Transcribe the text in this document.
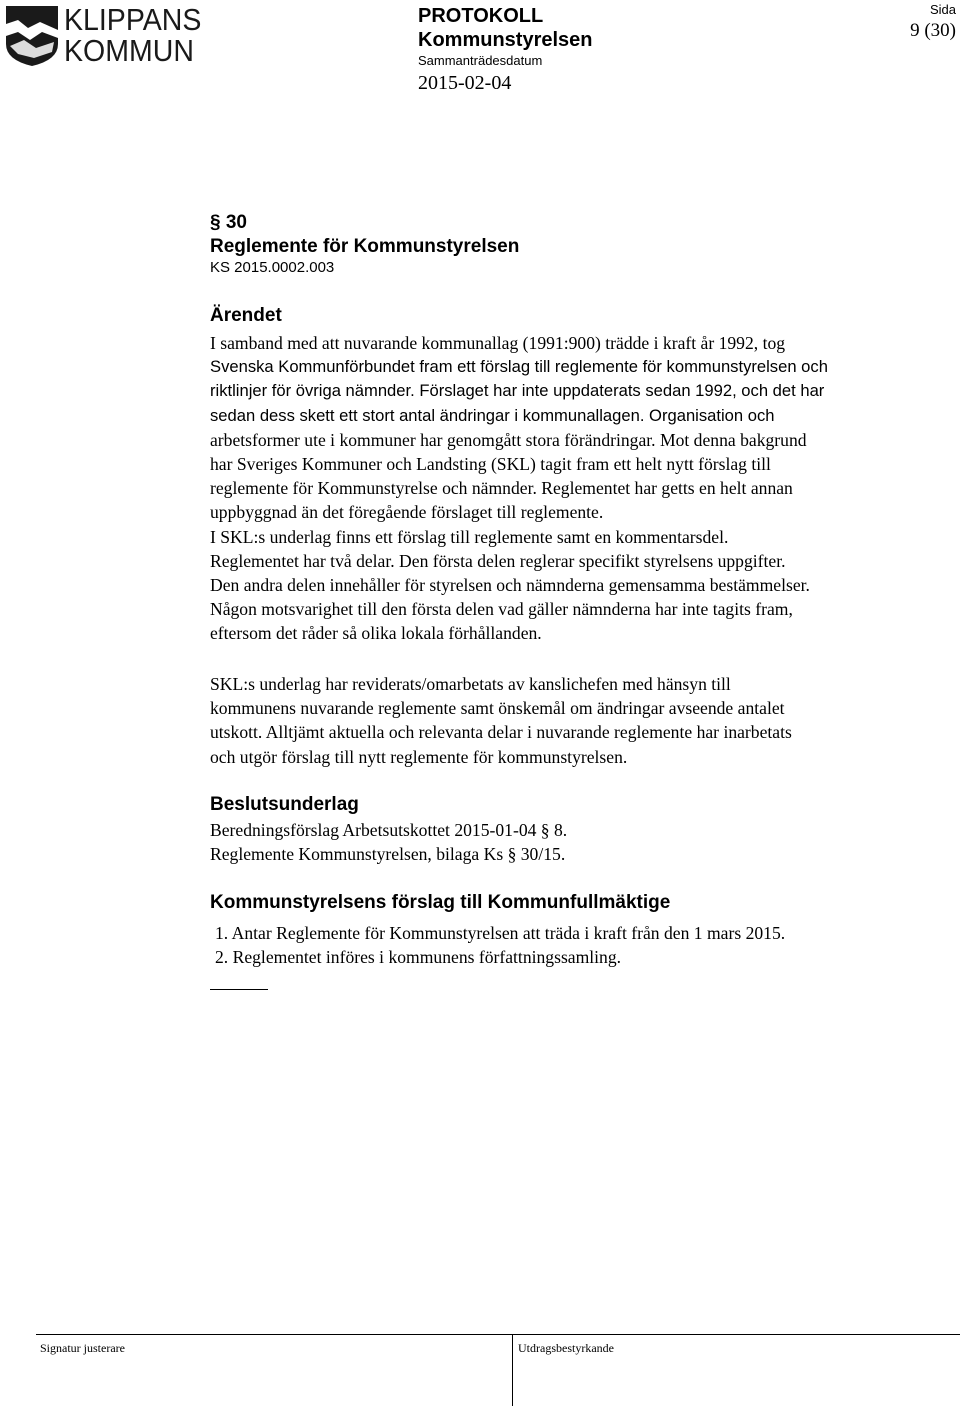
KLIPPANS
KOMMUN
PROTOKOLL
Kommunstyrelsen
Sammanträdesdatum
2015-02-04
Sida
9 (30)
§ 30
Reglemente för Kommunstyrelsen
KS 2015.0002.003
Ärendet
I samband med att nuvarande kommunallag (1991:900) trädde i kraft år 1992, tog
Svenska Kommunförbundet fram ett förslag till reglemente för kommunstyrelsen och
riktlinjer för övriga nämnder. Förslaget har inte uppdaterats sedan 1992, och det har
sedan dess skett ett stort antal ändringar i kommunallagen. Organisation och
arbetsformer ute i kommuner har genomgått stora förändringar. Mot denna bakgrund
har Sveriges Kommuner och Landsting (SKL) tagit fram ett helt nytt förslag till
reglemente för Kommunstyrelse och nämnder. Reglementet har getts en helt annan
uppbyggnad än det föregående förslaget till reglemente.
I SKL:s underlag finns ett förslag till reglemente samt en kommentarsdel.
Reglementet har två delar. Den första delen reglerar specifikt styrelsens uppgifter.
Den andra delen innehåller för styrelsen och nämnderna gemensamma bestämmelser.
Någon motsvarighet till den första delen vad gäller nämnderna har inte tagits fram,
eftersom det råder så olika lokala förhållanden.
SKL:s underlag har reviderats/omarbetats av kanslichefen med hänsyn till
kommunens nuvarande reglemente samt önskemål om ändringar avseende antalet
utskott. Alltjämt aktuella och relevanta delar i nuvarande reglemente har inarbetats
och utgör förslag till nytt reglemente för kommunstyrelsen.
Beslutsunderlag
Beredningsförslag Arbetsutskottet 2015-01-04 § 8.
Reglemente Kommunstyrelsen, bilaga Ks § 30/15.
Kommunstyrelsens förslag till Kommunfullmäktige
1. Antar Reglemente för Kommunstyrelsen att träda i kraft från den 1 mars 2015.
2. Reglementet införes i kommunens författningssamling.
Signatur justerare	Utdragsbestyrkande
